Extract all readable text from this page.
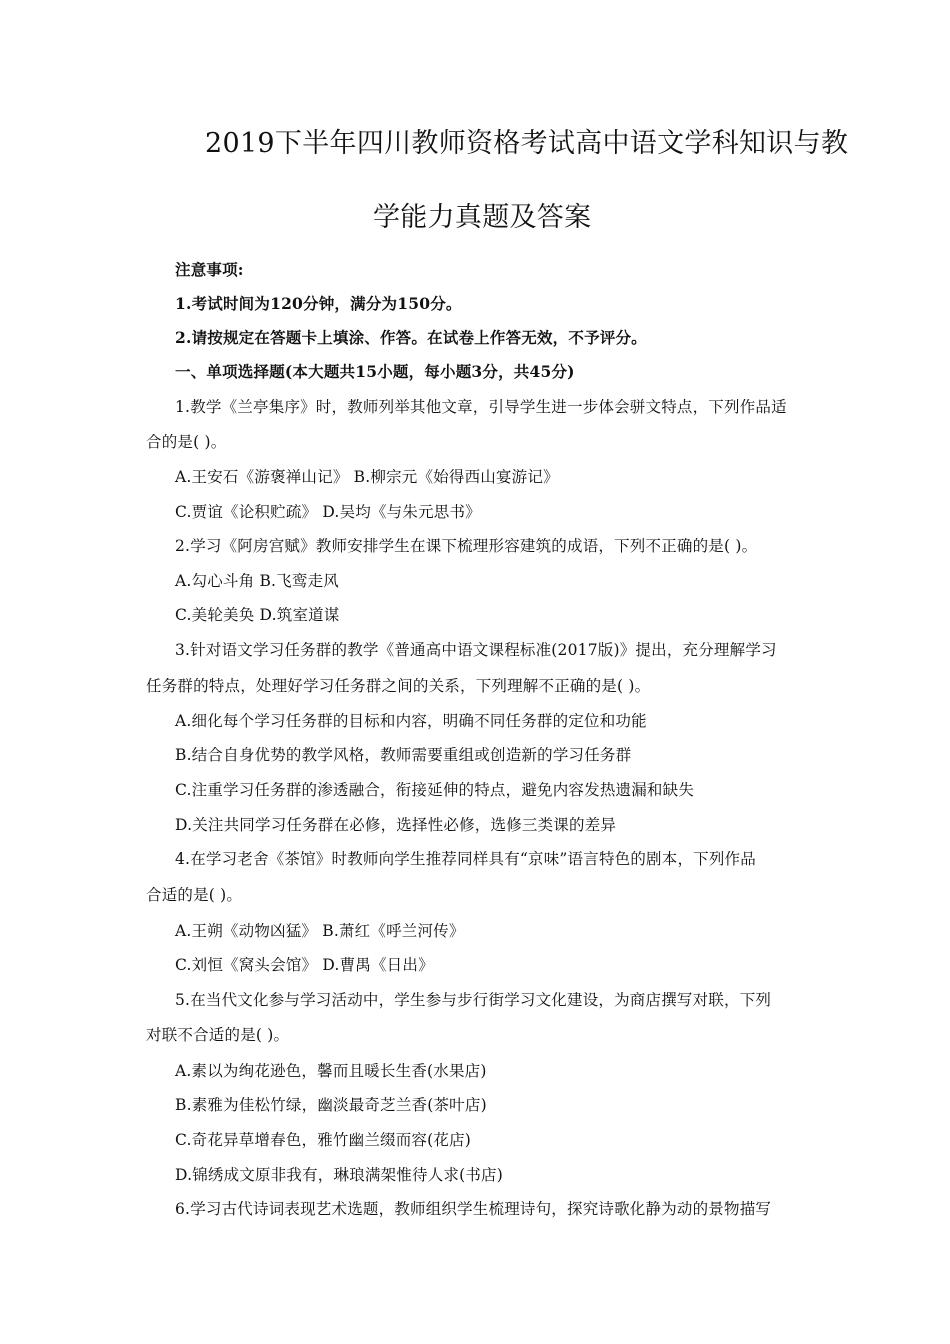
2019下半年四川教师资格考试高中语文学科知识与教
学能力真题及答案
注意事项:
1.考试时间为120分钟，满分为150分。
2.请按规定在答题卡上填涂、作答。在试卷上作答无效，不予评分。
一、单项选择题(本大题共15小题，每小题3分，共45分)
1.教学《兰亭集序》时，教师列举其他文章，引导学生进一步体会骈文特点，下列作品适
合的是( )。
A.王安石《游褒禅山记》 B.柳宗元《始得西山宴游记》
C.贾谊《论积贮疏》 D.吴均《与朱元思书》
2.学习《阿房宫赋》教师安排学生在课下梳理形容建筑的成语，下列不正确的是( )。
A.勾心斗角 B.飞鸾走风
C.美轮美奂 D.筑室道谋
3.针对语文学习任务群的教学《普通高中语文课程标准(2017版)》提出，充分理解学习
任务群的特点，处理好学习任务群之间的关系，下列理解不正确的是( )。
A.细化每个学习任务群的目标和内容，明确不同任务群的定位和功能
B.结合自身优势的教学风格，教师需要重组或创造新的学习任务群
C.注重学习任务群的渗透融合，衔接延伸的特点，避免内容发热遗漏和缺失
D.关注共同学习任务群在必修，选择性必修，选修三类课的差异
4.在学习老舍《茶馆》时教师向学生推荐同样具有“京味”语言特色的剧本，下列作品
合适的是( )。
A.王朔《动物凶猛》 B.萧红《呼兰河传》
C.刘恒《窝头会馆》 D.曹禺《日出》
5.在当代文化参与学习活动中，学生参与步行街学习文化建设，为商店撰写对联，下列
对联不合适的是( )。
A.素以为绚花逊色，馨而且暖长生香(水果店)
B.素雅为佳松竹绿，幽淡最奇芝兰香(茶叶店)
C.奇花异草增春色，雅竹幽兰缀而容(花店)
D.锦绣成文原非我有，琳琅满架惟待人求(书店)
6.学习古代诗词表现艺术选题，教师组织学生梳理诗句，探究诗歌化静为动的景物描写
